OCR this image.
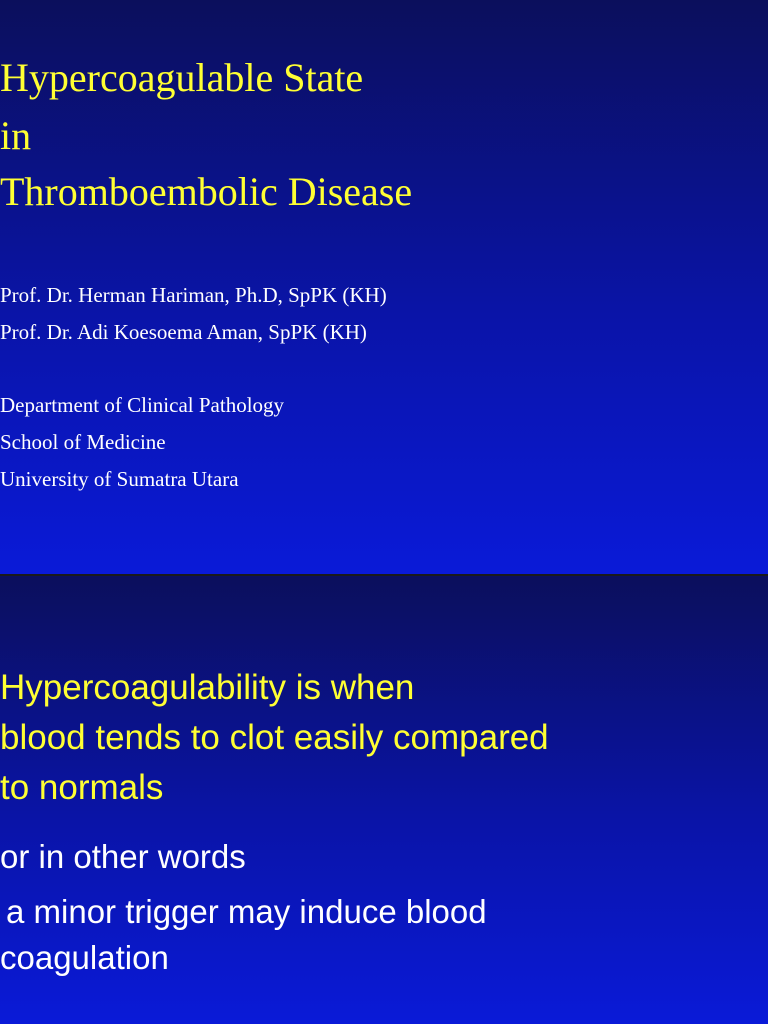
Hypercoagulable State
in
Thromboembolic Disease
Prof. Dr. Herman Hariman, Ph.D, SpPK (KH)
Prof. Dr. Adi Koesoema Aman, SpPK (KH)
Department of Clinical Pathology
School of Medicine
University of Sumatra Utara
Hypercoagulability is when
blood tends to clot easily compared
to normals
or in other words
a minor trigger may induce blood
coagulation
